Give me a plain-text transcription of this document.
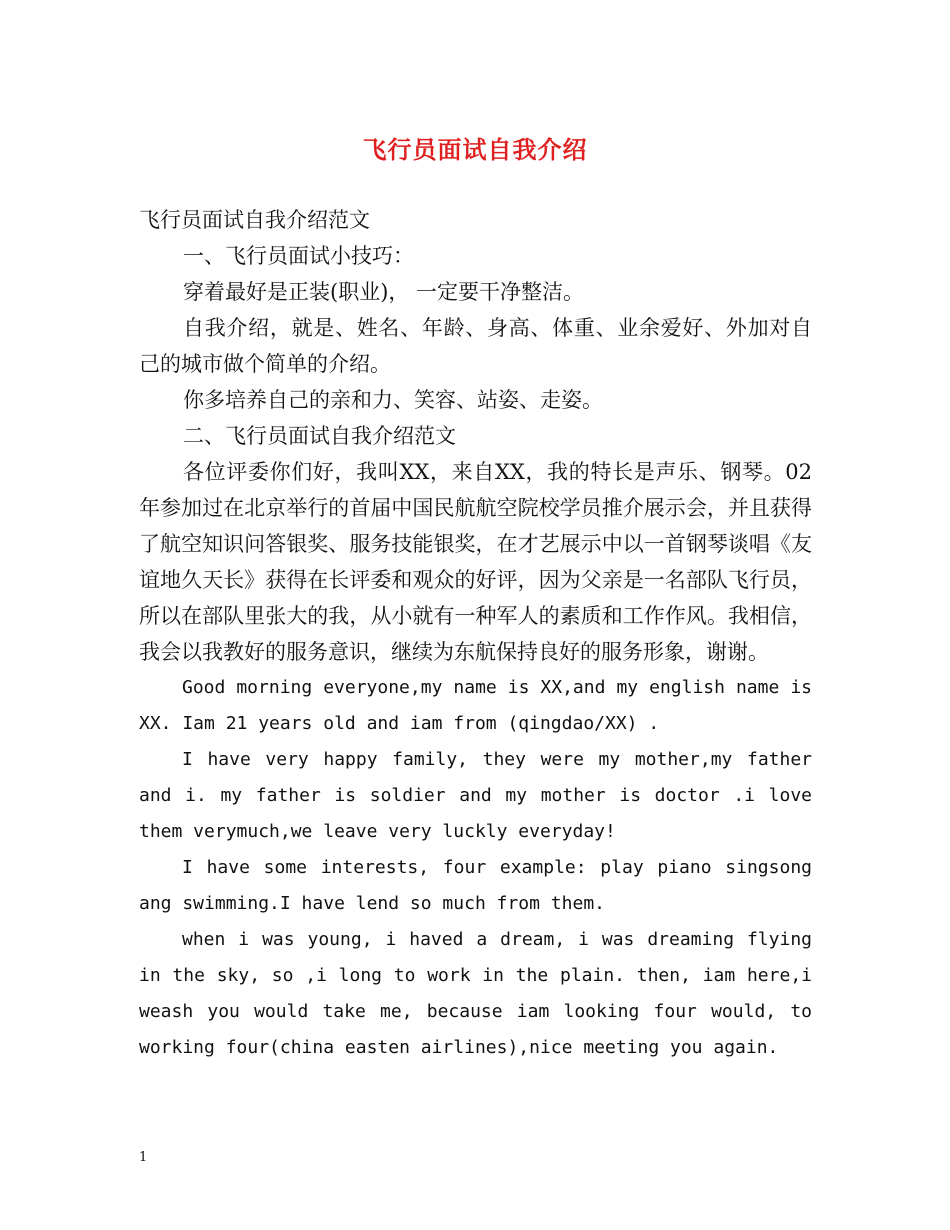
飞行员面试自我介绍

飞行员面试自我介绍范文

一、飞行员面试小技巧：

穿着最好是正装(职业)， 一定要干净整洁。

自我介绍，就是、姓名、年龄、身高、体重、业余爱好、外加对自己的城市做个简单的介绍。

你多培养自己的亲和力、笑容、站姿、走姿。

二、飞行员面试自我介绍范文

各位评委你们好，我叫XX，来自XX，我的特长是声乐、钢琴。02年参加过在北京举行的首届中国民航航空院校学员推介展示会，并且获得了航空知识问答银奖、服务技能银奖，在才艺展示中以一首钢琴谈唱《友谊地久天长》获得在长评委和观众的好评，因为父亲是一名部队飞行员，所以在部队里张大的我，从小就有一种军人的素质和工作作风。我相信，我会以我教好的服务意识，继续为东航保持良好的服务形象，谢谢。

Good morning everyone,my name is XX,and my english name is XX. Iam 21 years old and iam from (qingdao/XX) .

I have very happy family, they were my mother,my father and i. my father is soldier and my mother is doctor .i love them verymuch,we leave very luckly everyday!

I have some interests, four example: play piano singsong ang swimming.I have lend so much from them.

when i was young, i haved a dream, i was dreaming flying in the sky, so ,i long to work in the plain. then, iam here,i weash you would take me, because iam looking four would, to working four(china easten airlines),nice meeting you again.

1
